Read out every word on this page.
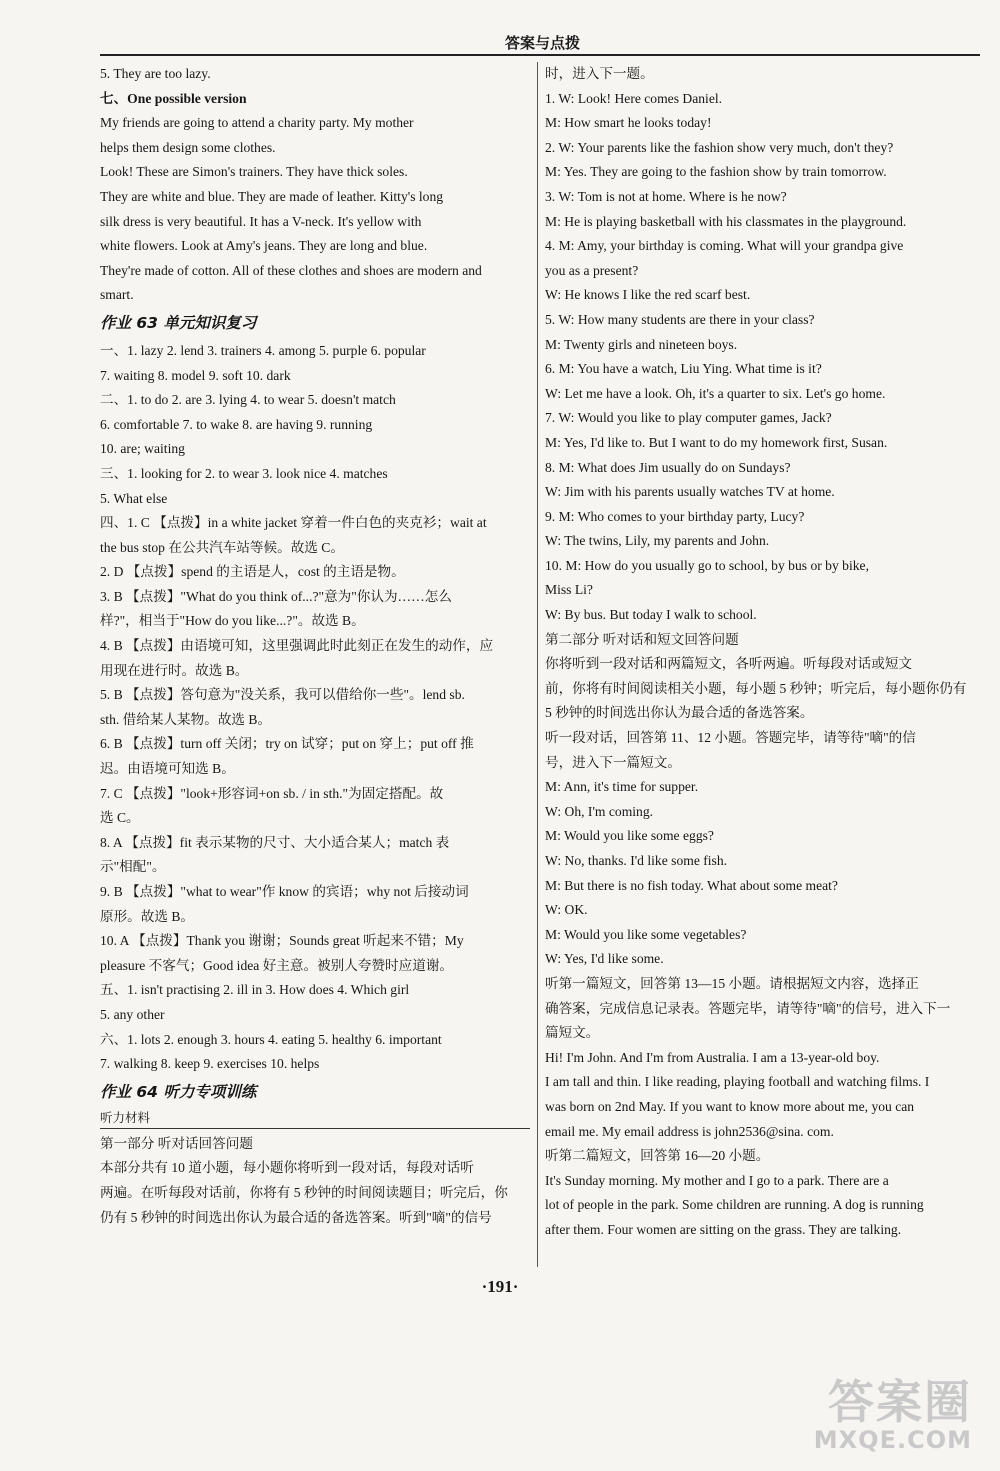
答案与点拨
5. They are too lazy.
七、One possible version
My friends are going to attend a charity party. My mother
helps them design some clothes.
Look! These are Simon's trainers. They have thick soles.
They are white and blue. They are made of leather. Kitty's long
silk dress is very beautiful. It has a V-neck. It's yellow with
white flowers. Look at Amy's jeans. They are long and blue.
They're made of cotton. All of these clothes and shoes are modern and
smart.
作业 63 单元知识复习
一、1. lazy 2. lend 3. trainers 4. among 5. purple 6. popular
7. waiting 8. model 9. soft 10. dark
二、1. to do 2. are 3. lying 4. to wear 5. doesn't match
6. comfortable 7. to wake 8. are having 9. running
10. are; waiting
三、1. looking for 2. to wear 3. look nice 4. matches
5. What else
四、1. C 【点拨】in a white jacket 穿着一件白色的夹克衫；wait at
the bus stop 在公共汽车站等候。故选 C。
2. D 【点拨】spend 的主语是人，cost 的主语是物。
3. B 【点拨】"What do you think of...?"意为"你认为……怎么
样?"，相当于"How do you like...?"。故选 B。
4. B 【点拨】由语境可知，这里强调此时此刻正在发生的动作，应
用现在进行时。故选 B。
5. B 【点拨】答句意为"没关系，我可以借给你一些"。lend sb.
sth. 借给某人某物。故选 B。
6. B 【点拨】turn off 关闭；try on 试穿；put on 穿上；put off 推
迟。由语境可知选 B。
7. C 【点拨】"look+形容词+on sb. / in sth."为固定搭配。故
选 C。
8. A 【点拨】fit 表示某物的尺寸、大小适合某人；match 表
示"相配"。
9. B 【点拨】"what to wear"作 know 的宾语；why not 后接动词
原形。故选 B。
10. A 【点拨】Thank you 谢谢；Sounds great 听起来不错；My
pleasure 不客气；Good idea 好主意。被别人夸赞时应道谢。
五、1. isn't practising 2. ill in 3. How does 4. Which girl
5. any other
六、1. lots 2. enough 3. hours 4. eating 5. healthy 6. important
7. walking 8. keep 9. exercises 10. helps
作业 64 听力专项训练
听力材料
第一部分 听对话回答问题
本部分共有 10 道小题，每小题你将听到一段对话，每段对话听
两遍。在听每段对话前，你将有 5 秒钟的时间阅读题目；听完后，你
仍有 5 秒钟的时间选出你认为最合适的备选答案。听到"嘀"的信号
时，进入下一题。
1. W: Look! Here comes Daniel.
M: How smart he looks today!
2. W: Your parents like the fashion show very much, don't they?
M: Yes. They are going to the fashion show by train tomorrow.
3. W: Tom is not at home. Where is he now?
M: He is playing basketball with his classmates in the playground.
4. M: Amy, your birthday is coming. What will your grandpa give
you as a present?
W: He knows I like the red scarf best.
5. W: How many students are there in your class?
M: Twenty girls and nineteen boys.
6. M: You have a watch, Liu Ying. What time is it?
W: Let me have a look. Oh, it's a quarter to six. Let's go home.
7. W: Would you like to play computer games, Jack?
M: Yes, I'd like to. But I want to do my homework first, Susan.
8. M: What does Jim usually do on Sundays?
W: Jim with his parents usually watches TV at home.
9. M: Who comes to your birthday party, Lucy?
W: The twins, Lily, my parents and John.
10. M: How do you usually go to school, by bus or by bike,
Miss Li?
W: By bus. But today I walk to school.
第二部分 听对话和短文回答问题
你将听到一段对话和两篇短文，各听两遍。听每段对话或短文
前，你将有时间阅读相关小题，每小题 5 秒钟；听完后，每小题你仍有
5 秒钟的时间选出你认为最合适的备选答案。
听一段对话，回答第 11、12 小题。答题完毕，请等待"嘀"的信
号，进入下一篇短文。
M: Ann, it's time for supper.
W: Oh, I'm coming.
M: Would you like some eggs?
W: No, thanks. I'd like some fish.
M: But there is no fish today. What about some meat?
W: OK.
M: Would you like some vegetables?
W: Yes, I'd like some.
听第一篇短文，回答第 13—15 小题。请根据短文内容，选择正
确答案，完成信息记录表。答题完毕，请等待"嘀"的信号，进入下一
篇短文。
Hi! I'm John. And I'm from Australia. I am a 13-year-old boy.
I am tall and thin. I like reading, playing football and watching films. I
was born on 2nd May. If you want to know more about me, you can
email me. My email address is john2536@sina. com.
听第二篇短文，回答第 16—20 小题。
It's Sunday morning. My mother and I go to a park. There are a
lot of people in the park. Some children are running. A dog is running
after them. Four women are sitting on the grass. They are talking.
·191·
答案圈
MXQE.COM
